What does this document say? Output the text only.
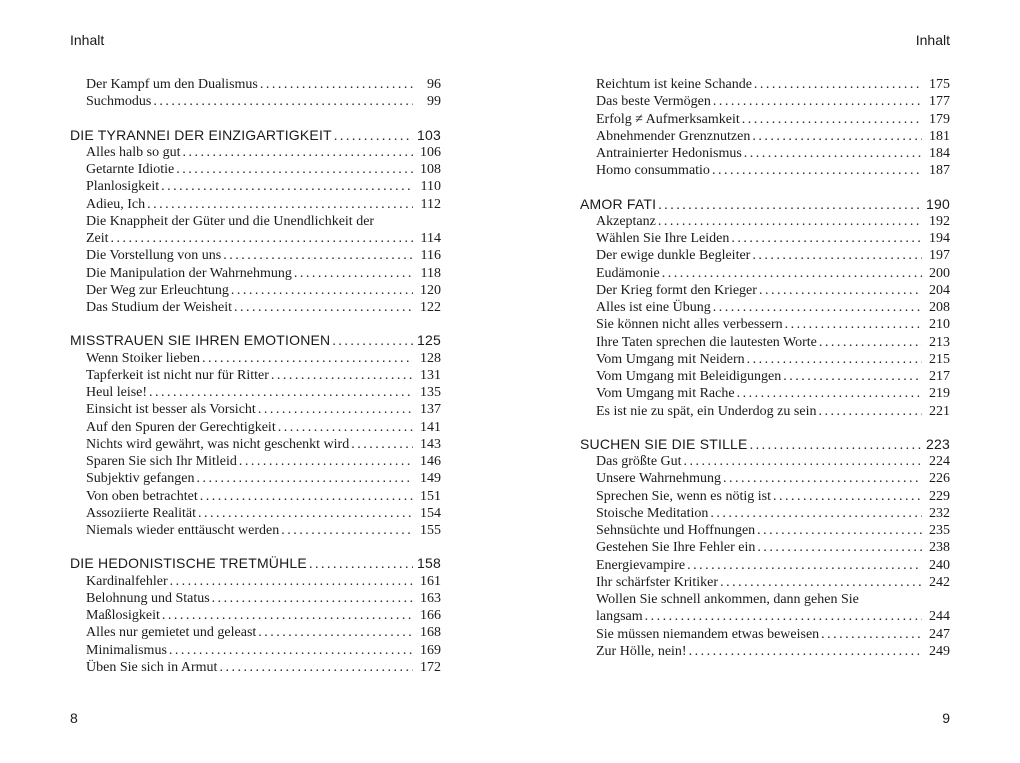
Inhalt	Inhalt
Der Kampf um den Dualismus . . .	96
Suchmodus . . .	99
DIE TYRANNEI DER EINZIGARTIGKEIT . . .	103
Alles halb so gut . . .	106
Getarnte Idiotie . . .	108
Planlosigkeit . . .	110
Adieu, Ich . . .	112
Die Knappheit der Güter und die Unendlichkeit der
Zeit . . .	114
Die Vorstellung von uns . . .	116
Die Manipulation der Wahrnehmung . . .	118
Der Weg zur Erleuchtung . . .	120
Das Studium der Weisheit . . .	122
MISSTRAUEN SIE IHREN EMOTIONEN . . .	125
Wenn Stoiker lieben . . .	128
Tapferkeit ist nicht nur für Ritter . . .	131
Heul leise! . . .	135
Einsicht ist besser als Vorsicht . . .	137
Auf den Spuren der Gerechtigkeit . . .	141
Nichts wird gewährt, was nicht geschenkt wird . . .	143
Sparen Sie sich Ihr Mitleid . . .	146
Subjektiv gefangen . . .	149
Von oben betrachtet . . .	151
Assoziierte Realität . . .	154
Niemals wieder enttäuscht werden . . .	155
DIE HEDONISTISCHE TRETMÜHLE . . .	158
Kardinalfehler . . .	161
Belohnung und Status . . .	163
Maßlosigkeit . . .	166
Alles nur gemietet und geleast . . .	168
Minimalismus . . .	169
Üben Sie sich in Armut . . .	172
Reichtum ist keine Schande . . .	175
Das beste Vermögen . . .	177
Erfolg ≠ Aufmerksamkeit . . .	179
Abnehmender Grenznutzen . . .	181
Antrainierter Hedonismus . . .	184
Homo consummatio . . .	187
AMOR FATI . . .	190
Akzeptanz . . .	192
Wählen Sie Ihre Leiden . . .	194
Der ewige dunkle Begleiter . . .	197
Eudämonie . . .	200
Der Krieg formt den Krieger . . .	204
Alles ist eine Übung . . .	208
Sie können nicht alles verbessern . . .	210
Ihre Taten sprechen die lautesten Worte . . .	213
Vom Umgang mit Neidern . . .	215
Vom Umgang mit Beleidigungen . . .	217
Vom Umgang mit Rache . . .	219
Es ist nie zu spät, ein Underdog zu sein . . .	221
SUCHEN SIE DIE STILLE . . .	223
Das größte Gut . . .	224
Unsere Wahrnehmung . . .	226
Sprechen Sie, wenn es nötig ist . . .	229
Stoische Meditation . . .	232
Sehnsüchte und Hoffnungen . . .	235
Gestehen Sie Ihre Fehler ein . . .	238
Energievampire . . .	240
Ihr schärfster Kritiker . . .	242
Wollen Sie schnell ankommen, dann gehen Sie
langsam . . .	244
Sie müssen niemandem etwas beweisen . . .	247
Zur Hölle, nein! . . .	249
8	9
